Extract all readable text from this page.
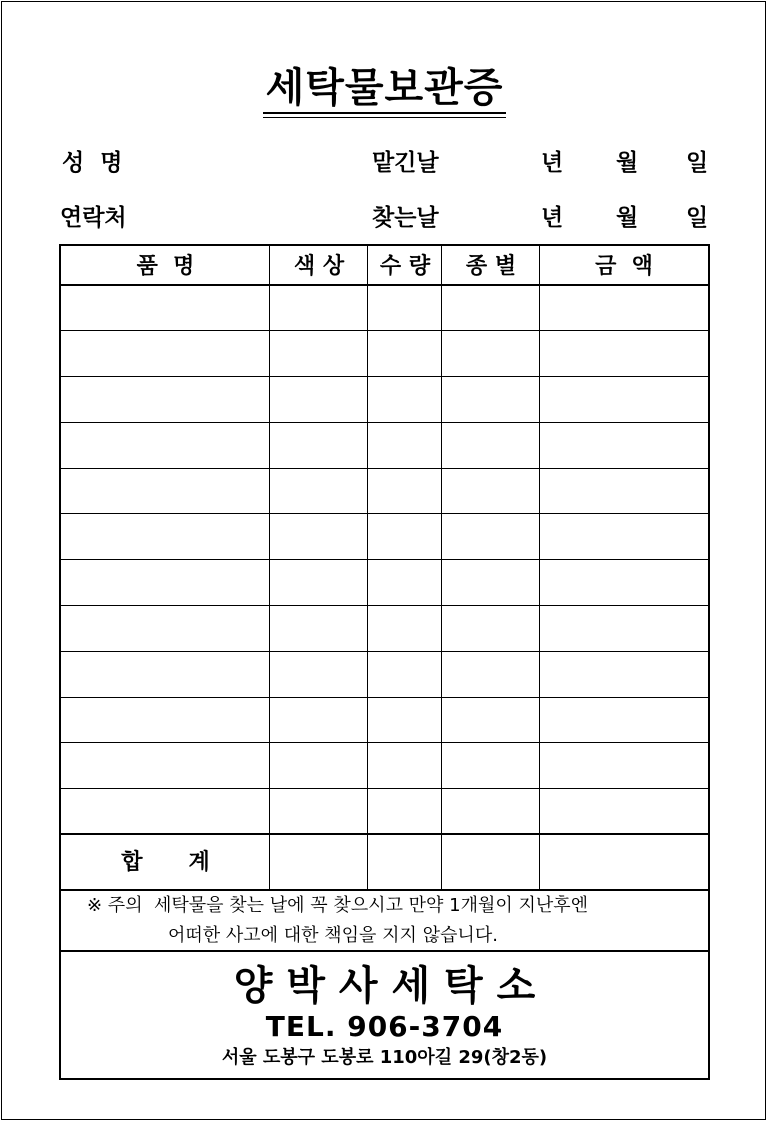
세탁물보관증
성  명	맡긴날	년 월 일
연락처	찾는날	년 월 일
품  명	색 상	수 량	종 별	금  액
합      계
※ 주의  세탁물을 찾는 날에 꼭 찾으시고 만약 1개월이 지난후엔
어떠한 사고에 대한 책임을 지지 않습니다.
양 박 사 세 탁 소
TEL. 906-3704
서울 도봉구 도봉로 110아길 29(창2동)
